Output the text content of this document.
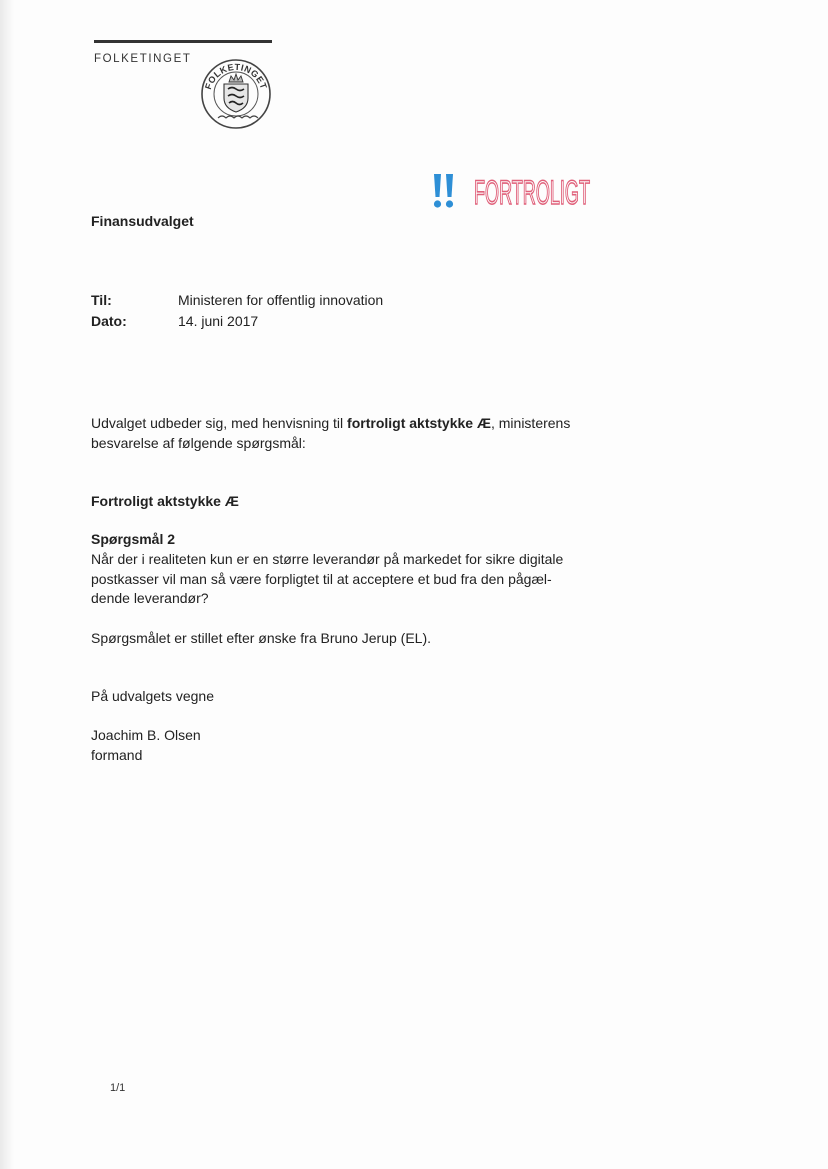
FOLKETINGET
FOLKETINGET
FORTROLIGT
Finansudvalget
Til:	Ministeren for offentlig innovation
Dato:	14. juni 2017
Udvalget udbeder sig, med henvisning til fortroligt aktstykke Æ, ministerens
besvarelse af følgende spørgsmål:
Fortroligt aktstykke Æ
Spørgsmål 2
Når der i realiteten kun er en større leverandør på markedet for sikre digitale
postkasser vil man så være forpligtet til at acceptere et bud fra den pågæl-
dende leverandør?
Spørgsmålet er stillet efter ønske fra Bruno Jerup (EL).
På udvalgets vegne
Joachim B. Olsen
formand
1/1
